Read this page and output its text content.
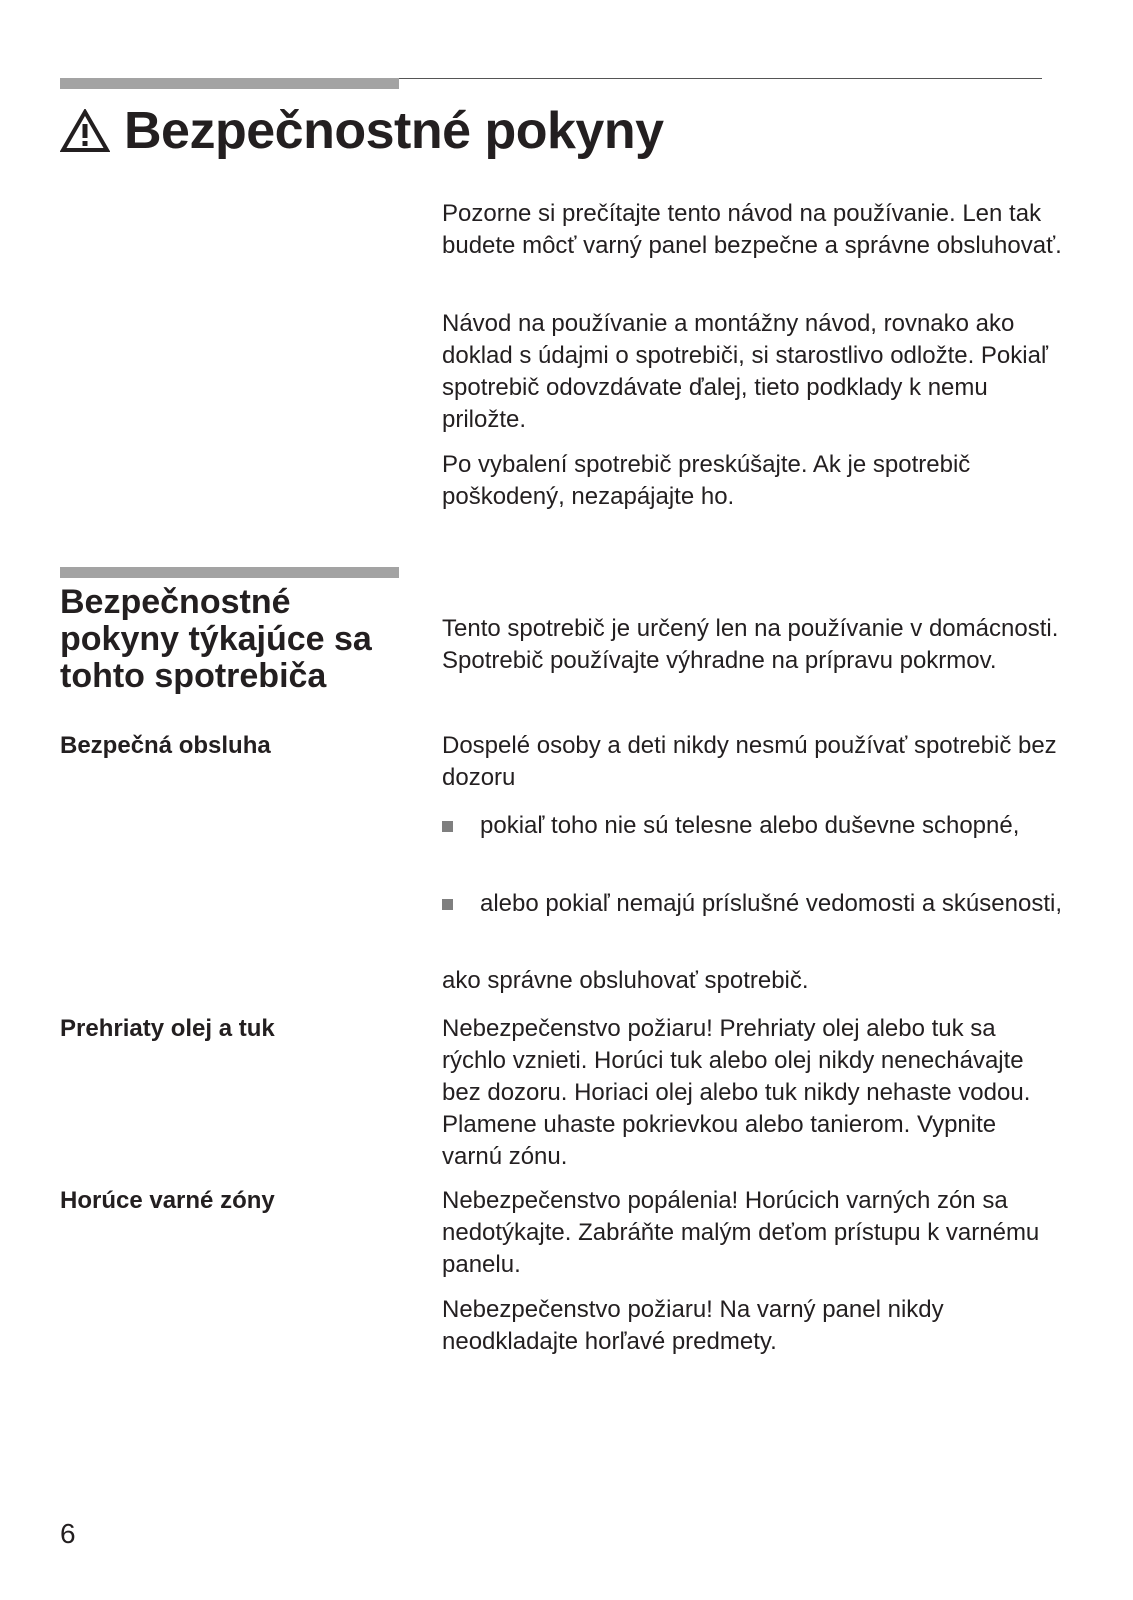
Bezpečnostné pokyny

Pozorne si prečítajte tento návod na používanie. Len tak budete môcť varný panel bezpečne a správne obsluhovať.

Návod na používanie a montážny návod, rovnako ako doklad s údajmi o spotrebiči, si starostlivo odložte. Pokiaľ spotrebič odovzdávate ďalej, tieto podklady k nemu priložte.

Po vybalení spotrebič preskúšajte. Ak je spotrebič poškodený, nezapájajte ho.

Bezpečnostné pokyny týkajúce sa tohto spotrebiča

Tento spotrebič je určený len na používanie v domácnosti. Spotrebič používajte výhradne na prípravu pokrmov.

Bezpečná obsluha	Dospelé osoby a deti nikdy nesmú používať spotrebič bez dozoru

pokiaľ toho nie sú telesne alebo duševne schopné,
alebo pokiaľ nemajú príslušné vedomosti a skúsenosti,

ako správne obsluhovať spotrebič.

Prehriaty olej a tuk	Nebezpečenstvo požiaru! Prehriaty olej alebo tuk sa rýchlo vznieti. Horúci tuk alebo olej nikdy nenechávajte bez dozoru. Horiaci olej alebo tuk nikdy nehaste vodou. Plamene uhaste pokrievkou alebo tanierom. Vypnite varnú zónu.

Horúce varné zóny	Nebezpečenstvo popálenia! Horúcich varných zón sa nedotýkajte. Zabráňte malým deťom prístupu k varnému panelu.

Nebezpečenstvo požiaru! Na varný panel nikdy neodkladajte horľavé predmety.

6
